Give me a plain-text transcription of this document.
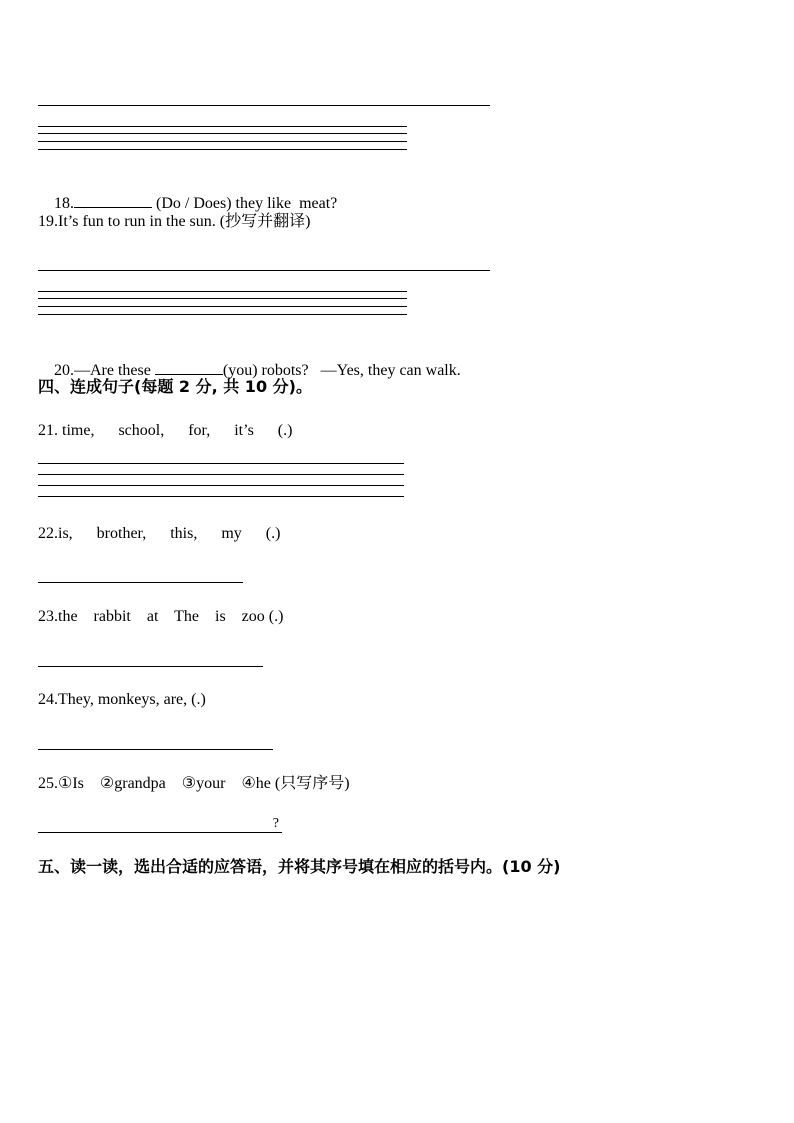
18.	(Do / Does) they like  meat?

19.It’s fun to run in the sun. (抄写并翻译)

20.—Are these	(you) robots?   —Yes, they can walk.

四、连成句子(每题 2 分, 共 10 分)。
21. time,      school,      for,      it’s      (.)
22.is,      brother,      this,      my      (.)
23.the    rabbit    at    The    is    zoo (.)
24.They, monkeys, are, (.)
25.①Is    ②grandpa    ③your    ④he (只写序号)
?
五、读一读，选出合适的应答语，并将其序号填在相应的括号内。(10 分)
